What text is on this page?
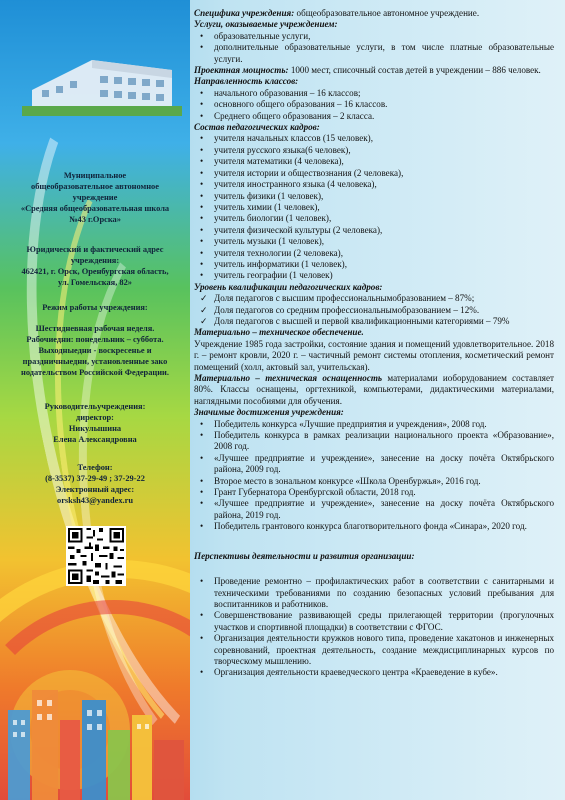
Муниципальное

общеобразовательное автономное

учреждение

«Средняя общеобразовательная школа

№43 г.Орска»

Юридический и фактический адрес

учреждения:

462421, г. Орск, Оренбургская область,

ул. Гомельская, 82»

Режим работы учреждения:

Шестидневная рабочая неделя.

Рабочиедни: понедельник – суббота.

Выходныедни - воскресенье и

праздничныедни, установленные зако

нодательством Российской Федерации.

Руководительучреждения:

директор:

Никулышина

Елена Александровна

Телефон:

(8-3537) 37-29-49 ; 37-29-22

Электронный адрес:

orsksh43@yandex.ru

Специфика учреждения: общеобразовательное автономное учреждение.

Услуги, оказываемые учреждением:
• образовательные услуги,
• дополнительные образовательные услуги, в том числе платные образовательные услуги.

Проектная мощность: 1000 мест, списочный состав детей в учреждении – 886 человек.

Направленность классов:
• начального образования – 16 классов;
• основного общего образования – 16 классов.
• Среднего общего образования – 2 класса.
Состав педагогических кадров:
• учителя начальных классов (15 человек),
• учителя русского языка(6 человек),
• учителя математики (4 человека),
• учителя истории и обществознания (2 человека),
• учителя иностранного языка (4 человека),
• учитель физики (1 человек),
• учитель химии (1 человек),
• учитель биологии (1 человек),
• учителя физической культуры (2 человека),
• учитель музыки (1 человек),
• учителя технологии (2 человека),
• учитель информатики (1 человек),
• учитель географии (1 человек)
Уровень квалификации педагогических кадров:
✓ Доля педагогов с высшим профессиональнымобразованием – 87%;
✓ Доля педагогов со средним профессиональнымобразованием – 12%.
✓ Доля педагогов с высшей и первой квалификационными категориями – 79%
Материально – техническое обеспечение.

Учреждение 1985 года застройки, состояние здания и помещений удовлетворительное. 2018 г. – ремонт кровли, 2020 г. – частичный ремонт системы отопления, косметический ремонт помещений (холл, актовый зал, учительская).

Материально – техническая оснащенность материалами иоборудованием составляет 80%. Классы оснащены, оргтехникой, компьютерами, дидактическими материалами, наглядными пособиями для обучения.

Значимые достижения учреждения:
• Победитель конкурса «Лучшие предприятия и учреждения», 2008 год.
• Победитель конкурса в рамках реализации национального проекта «Образование», 2008 год.
• «Лучшее предприятие и учреждение», занесение на доску почёта Октябрьского района, 2009 год.
• Второе место в зональном конкурсе «Школа Оренбуржья», 2016 год.
• Грант Губернатора Оренбургской области, 2018 год.
• «Лучшее предприятие и учреждение», занесение на доску почёта Октябрьского района, 2019 год.
• Победитель грантового конкурса благотворительного фонда «Синара», 2020 год.
Перспективы деятельности и развития организации:
• Проведение ремонтно – профилактических работ в соответствии с санитарными и техническими требованиями по созданию безопасных условий пребывания для воспитанников и работников.
• Совершенствование развивающей среды прилегающей территории (прогулочных участков и спортивной площадки) в соответствии с ФГОС.
• Организация деятельности кружков нового типа, проведение хакатонов и инженерных соревнований, проектная деятельность, создание междисциплинарных курсов по творческому мышлению.
• Организация деятельности краеведческого центра «Краеведение в кубе».
